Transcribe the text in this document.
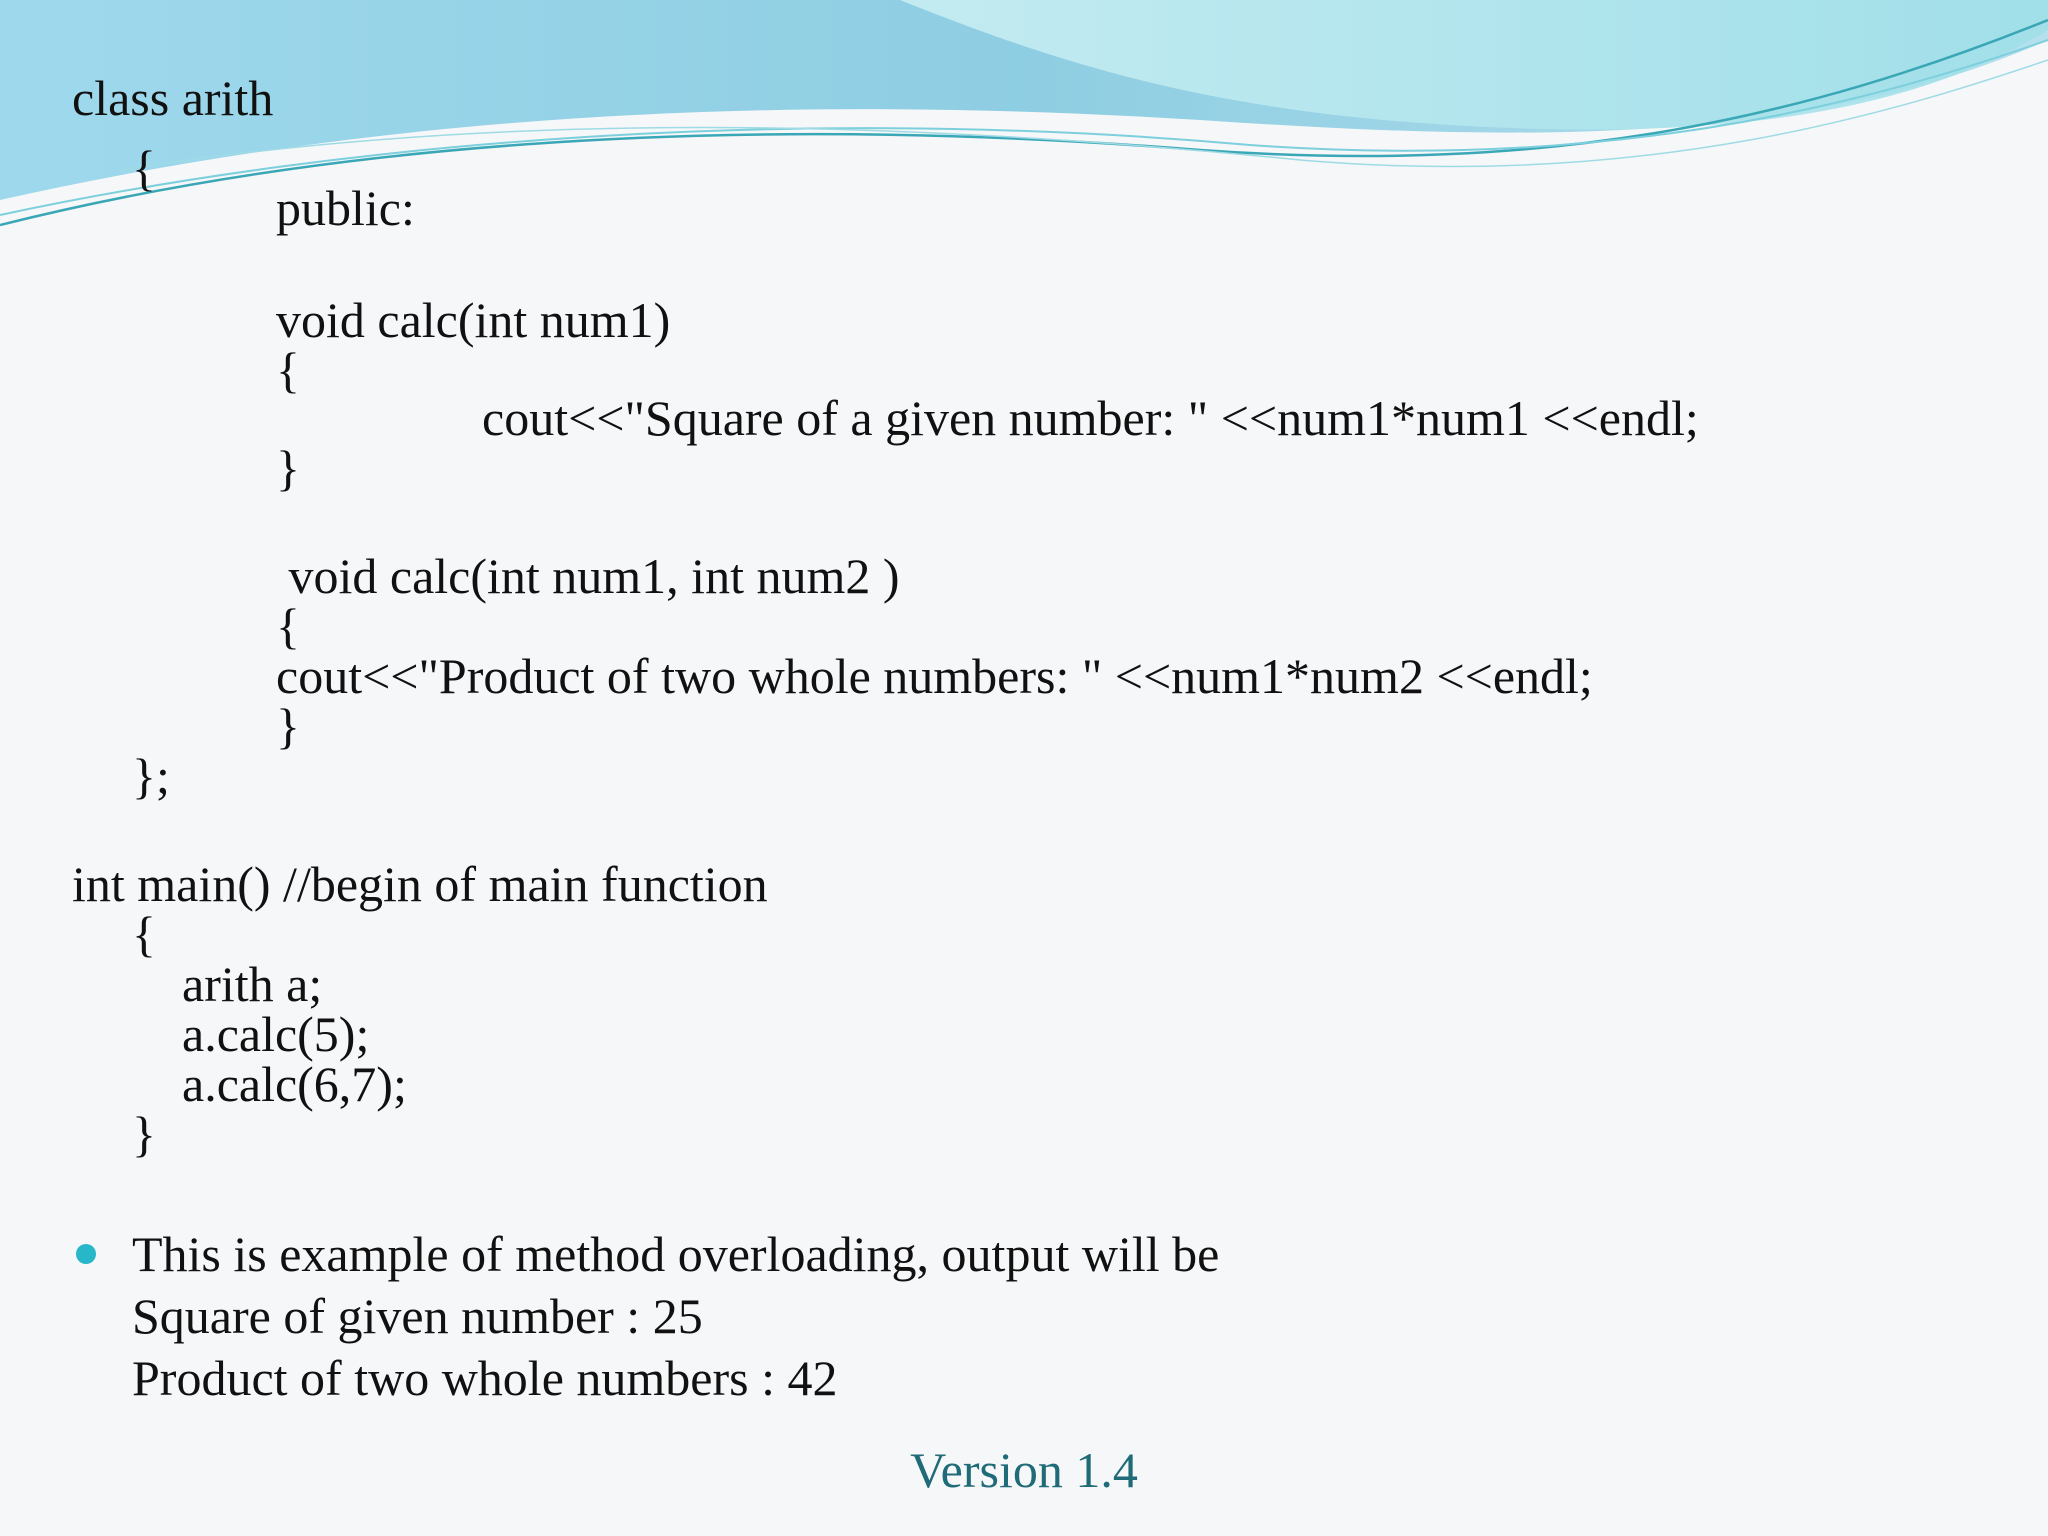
class arith

{

public:

void calc(int num1)

{

cout<<"Square of a given number: " <<num1*num1 <<endl;

}

void calc(int num1, int num2 )

{

cout<<"Product of two whole numbers: " <<num1*num2 <<endl;

}

};

int main() //begin of main function

{

arith a;

a.calc(5);

a.calc(6,7);

}

This is example of method overloading, output will be

Square of given number : 25

Product of two whole numbers : 42

Version 1.4
